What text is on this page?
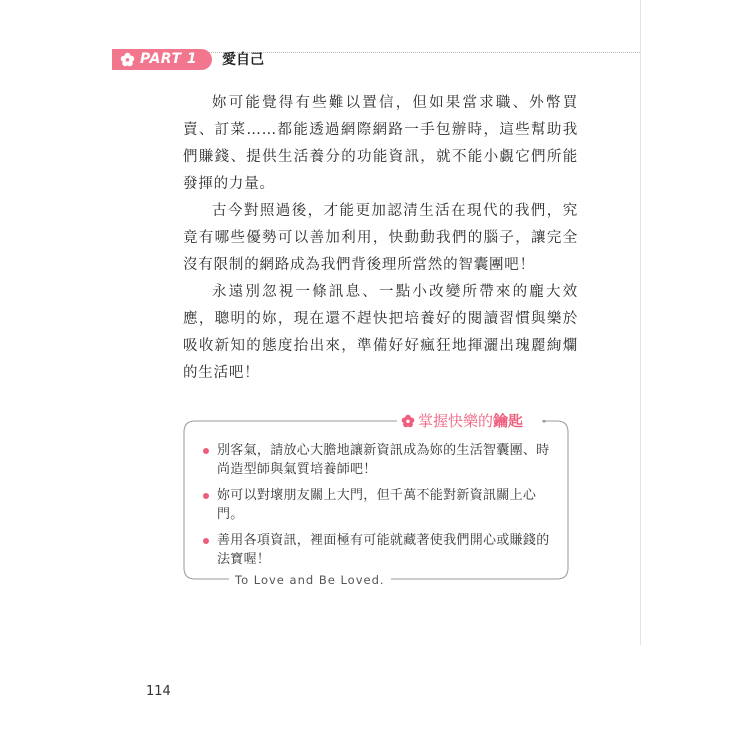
PART 1 愛自己

妳可能覺得有些難以置信，但如果當求職、外幣買賣、訂菜……都能透過網際網路一手包辦時，這些幫助我們賺錢、提供生活養分的功能資訊，就不能小覷它們所能發揮的力量。

古今對照過後，才能更加認清生活在現代的我們，究竟有哪些優勢可以善加利用，快動動我們的腦子，讓完全沒有限制的網路成為我們背後理所當然的智囊團吧！

永遠別忽視一條訊息、一點小改變所帶來的龐大效應，聰明的妳，現在還不趕快把培養好的閱讀習慣與樂於吸收新知的態度抬出來，準備好好瘋狂地揮灑出瑰麗絢爛的生活吧！

掌握快樂的 鑰匙
別客氣，請放心大膽地讓新資訊成為妳的生活智囊團、時尚造型師與氣質培養師吧！
妳可以對壞朋友關上大門，但千萬不能對新資訊關上心門。
善用各項資訊，裡面極有可能就藏著使我們開心或賺錢的法寶喔！
To Love and Be Loved.
114
